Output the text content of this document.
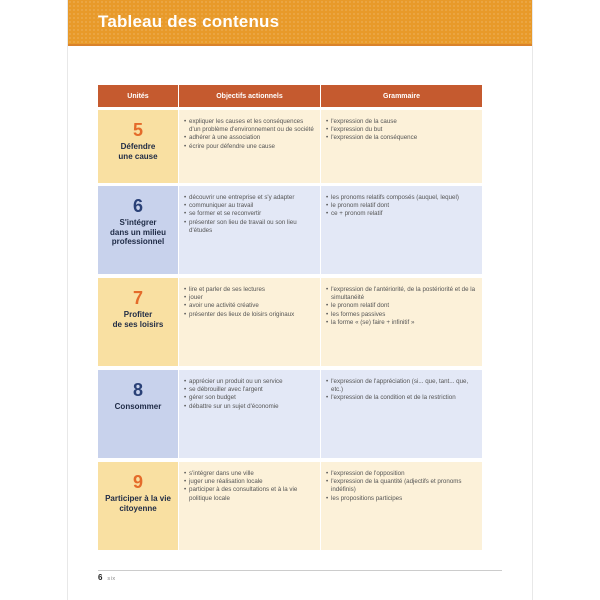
Tableau des contenus
Unités	Objectifs actionnels	Grammaire
5
Défendre
une cause
• expliquer les causes et les conséquences d'un problème d'environnement ou de société
• adhérer à une association
• écrire pour défendre une cause
• l'expression de la cause
• l'expression du but
• l'expression de la conséquence
6
S'intégrer
dans un milieu
professionnel
• découvrir une entreprise et s'y adapter
• communiquer au travail
• se former et se reconvertir
• présenter son lieu de travail ou son lieu d'études
• les pronoms relatifs composés (auquel, lequel)
• le pronom relatif dont
• ce + pronom relatif
7
Profiter
de ses loisirs
• lire et parler de ses lectures
• jouer
• avoir une activité créative
• présenter des lieux de loisirs originaux
• l'expression de l'antériorité, de la postériorité et de la simultanéité
• le pronom relatif dont
• les formes passives
• la forme « (se) faire + infinitif »
8
Consommer
• apprécier un produit ou un service
• se débrouiller avec l'argent
• gérer son budget
• débattre sur un sujet d'économie
• l'expression de l'appréciation (si... que, tant... que, etc.)
• l'expression de la condition et de la restriction
9
Participer à la vie
citoyenne
• s'intégrer dans une ville
• juger une réalisation locale
• participer à des consultations et à la vie politique locale
• l'expression de l'opposition
• l'expression de la quantité (adjectifs et pronoms indéfinis)
• les propositions participes
6 six
